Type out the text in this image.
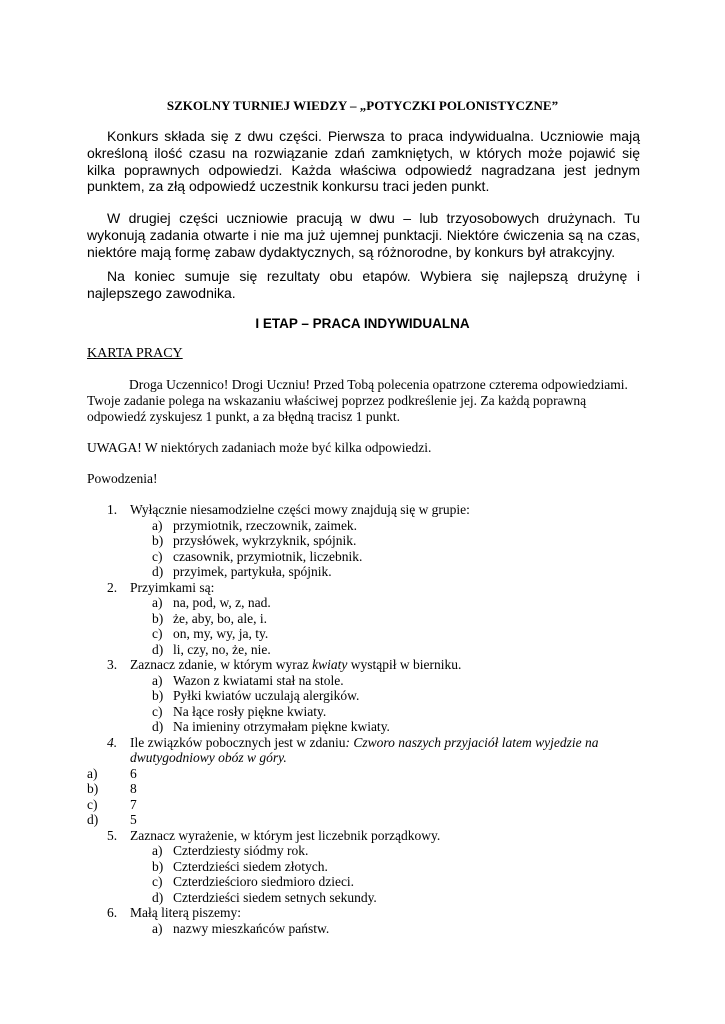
SZKOLNY TURNIEJ WIEDZY – „POTYCZKI POLONISTYCZNE”

Konkurs składa się z dwu części. Pierwsza to praca indywidualna. Uczniowie mają określoną ilość czasu na rozwiązanie zdań zamkniętych, w których może pojawić się kilka poprawnych odpowiedzi. Każda właściwa odpowiedź nagradzana jest jednym punktem, za złą odpowiedź uczestnik konkursu traci jeden punkt.

W drugiej części uczniowie pracują w dwu – lub trzyosobowych drużynach. Tu wykonują zadania otwarte i nie ma już ujemnej punktacji. Niektóre ćwiczenia są na czas, niektóre mają formę zabaw dydaktycznych, są różnorodne, by konkurs był atrakcyjny.

Na koniec sumuje się rezultaty obu etapów. Wybiera się najlepszą drużynę i najlepszego zawodnika.

I ETAP – PRACA INDYWIDUALNA
KARTA PRACY
Droga Uczennico! Drogi Uczniu! Przed Tobą polecenia opatrzone czterema odpowiedziami.
Twoje zadanie polega na wskazaniu właściwej poprzez podkreślenie jej. Za każdą poprawną
odpowiedź zyskujesz 1 punkt, a za błędną tracisz 1 punkt.
UWAGA! W niektórych zadaniach może być kilka odpowiedzi.
Powodzenia!
1. Wyłącznie niesamodzielne części mowy znajdują się w grupie:
a) przymiotnik, rzeczownik, zaimek.
b) przysłówek, wykrzyknik, spójnik.
c) czasownik, przymiotnik, liczebnik.
d) przyimek, partykuła, spójnik.
2. Przyimkami są:
a) na, pod, w, z, nad.
b) że, aby, bo, ale, i.
c) on, my, wy, ja, ty.
d) li, czy, no, że, nie.
3. Zaznacz zdanie, w którym wyraz kwiaty wystąpił w bierniku.
a) Wazon z kwiatami stał na stole.
b) Pyłki kwiatów uczulają alergików.
c) Na łące rosły piękne kwiaty.
d) Na imieniny otrzymałam piękne kwiaty.
4. Ile związków pobocznych jest w zdaniu: Czworo naszych przyjaciół latem wyjedzie na
dwutygodniowy obóz w góry.
a) 6
b) 8
c) 7
d) 5
5. Zaznacz wyrażenie, w którym jest liczebnik porządkowy.
a) Czterdziesty siódmy rok.
b) Czterdzieści siedem złotych.
c) Czterdzieścioro siedmioro dzieci.
d) Czterdzieści siedem setnych sekundy.
6. Małą literą piszemy:
a) nazwy mieszkańców państw.
